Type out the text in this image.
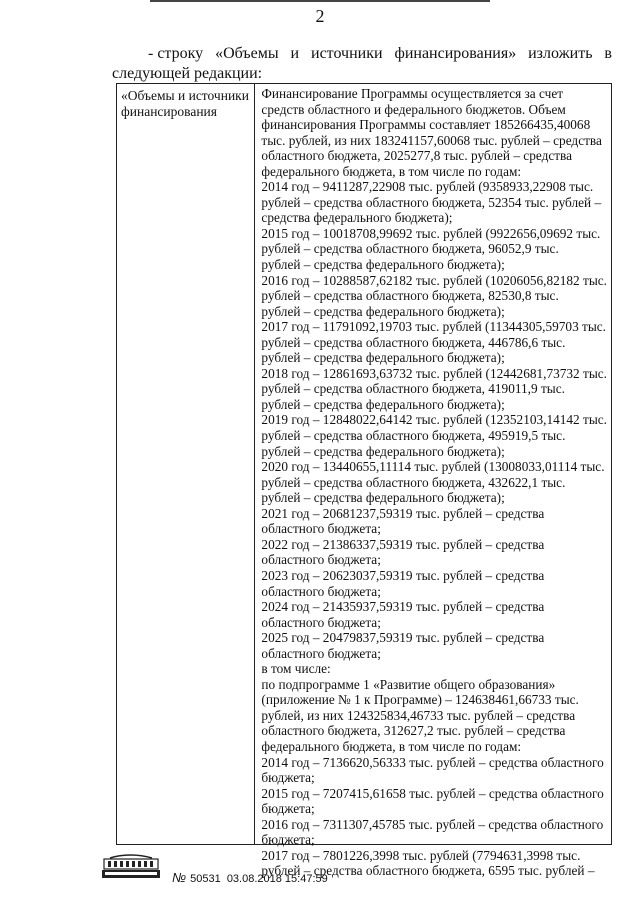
2
- строку «Объемы и источники финансирования» изложить в
следующей редакции:
«Объемы и источники
финансирования
Финансирование Программы осуществляется за счет
средств областного и федерального бюджетов. Объем
финансирования Программы составляет 185266435,40068
тыс. рублей, из них 183241157,60068 тыс. рублей – средства
областного бюджета, 2025277,8 тыс. рублей – средства
федерального бюджета, в том числе по годам:
2014 год – 9411287,22908 тыс. рублей (9358933,22908 тыс.
рублей – средства областного бюджета, 52354 тыс. рублей –
средства федерального бюджета);
2015 год – 10018708,99692 тыс. рублей (9922656,09692 тыс.
рублей – средства областного бюджета, 96052,9 тыс.
рублей – средства федерального бюджета);
2016 год – 10288587,62182 тыс. рублей (10206056,82182 тыс.
рублей – средства областного бюджета, 82530,8 тыс.
рублей – средства федерального бюджета);
2017 год – 11791092,19703 тыс. рублей (11344305,59703 тыс.
рублей – средства областного бюджета, 446786,6 тыс.
рублей – средства федерального бюджета);
2018 год – 12861693,63732 тыс. рублей (12442681,73732 тыс.
рублей – средства областного бюджета, 419011,9 тыс.
рублей – средства федерального бюджета);
2019 год – 12848022,64142 тыс. рублей (12352103,14142 тыс.
рублей – средства областного бюджета, 495919,5 тыс.
рублей – средства федерального бюджета);
2020 год – 13440655,11114 тыс. рублей (13008033,01114 тыс.
рублей – средства областного бюджета, 432622,1 тыс.
рублей – средства федерального бюджета);
2021 год – 20681237,59319 тыс. рублей – средства
областного бюджета;
2022 год – 21386337,59319 тыс. рублей – средства
областного бюджета;
2023 год – 20623037,59319 тыс. рублей – средства
областного бюджета;
2024 год – 21435937,59319 тыс. рублей – средства
областного бюджета;
2025 год – 20479837,59319 тыс. рублей – средства
областного бюджета;
в том числе:
по подпрограмме 1 «Развитие общего образования»
(приложение № 1 к Программе) – 124638461,66733 тыс.
рублей, из них 124325834,46733 тыс. рублей – средства
областного бюджета, 312627,2 тыс. рублей – средства
федерального бюджета, в том числе по годам:
2014 год – 7136620,56333 тыс. рублей – средства областного
бюджета;
2015 год – 7207415,61658 тыс. рублей – средства областного
бюджета;
2016 год – 7311307,45785 тыс. рублей – средства областного
бюджета;
2017 год – 7801226,3998 тыс. рублей (7794631,3998 тыс.
рублей – средства областного бюджета, 6595 тыс. рублей –
№ 50531 03.08.2018 15:47:59
